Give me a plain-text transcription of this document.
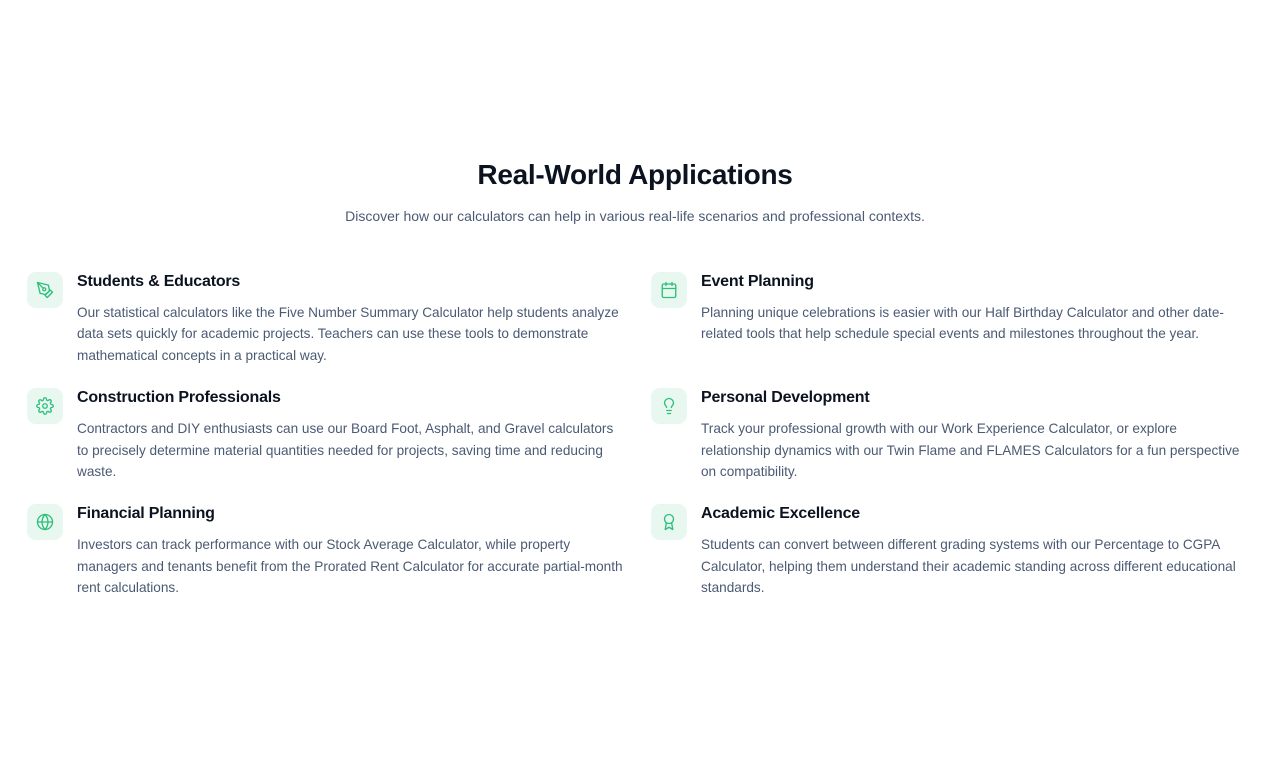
Real-World Applications

Discover how our calculators can help in various real-life scenarios and professional contexts.

Students & Educators

Our statistical calculators like the Five Number Summary Calculator help students analyze data sets quickly for academic projects. Teachers can use these tools to demonstrate mathematical concepts in a practical way.

Event Planning

Planning unique celebrations is easier with our Half Birthday Calculator and other date-related tools that help schedule special events and milestones throughout the year.

Construction Professionals

Contractors and DIY enthusiasts can use our Board Foot, Asphalt, and Gravel calculators to precisely determine material quantities needed for projects, saving time and reducing waste.

Personal Development

Track your professional growth with our Work Experience Calculator, or explore relationship dynamics with our Twin Flame and FLAMES Calculators for a fun perspective on compatibility.

Financial Planning

Investors can track performance with our Stock Average Calculator, while property managers and tenants benefit from the Prorated Rent Calculator for accurate partial-month rent calculations.

Academic Excellence

Students can convert between different grading systems with our Percentage to CGPA Calculator, helping them understand their academic standing across different educational standards.
